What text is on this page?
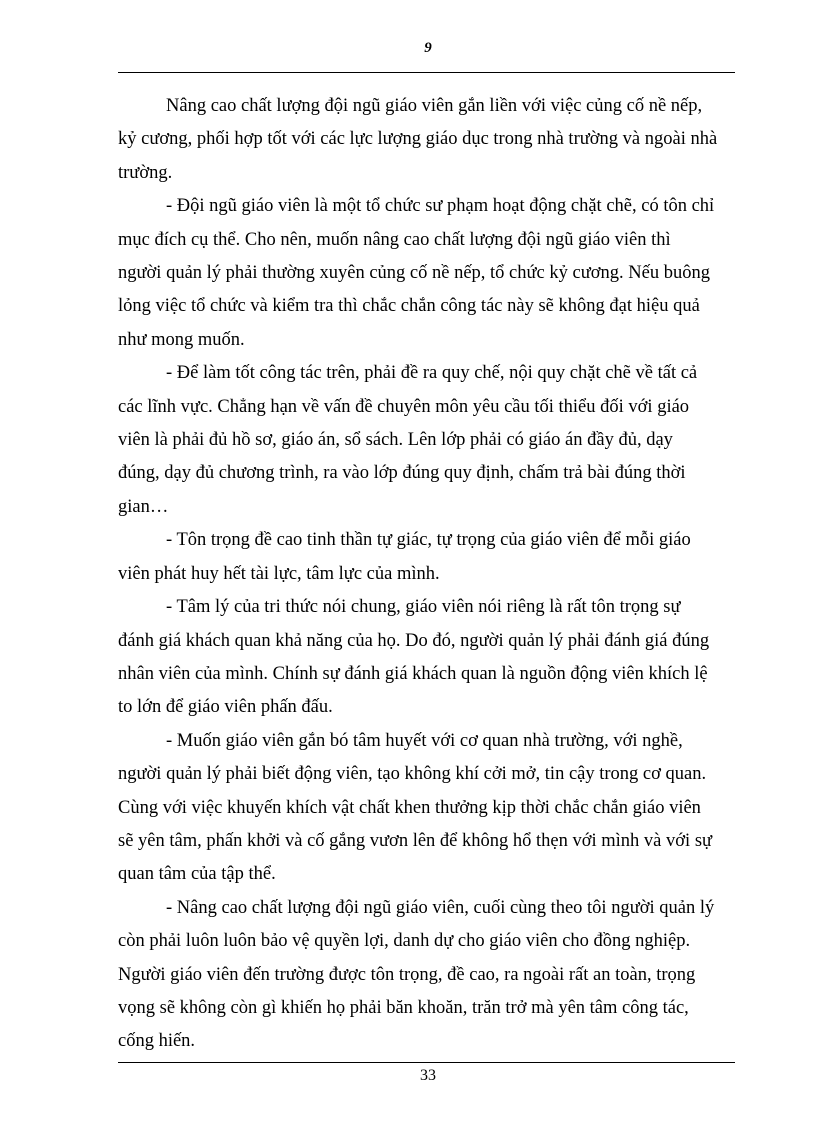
9

Nâng cao chất lượng đội ngũ giáo viên gắn liền với việc củng cố nề nếp,
kỷ cương, phối hợp tốt với các lực lượng giáo dục trong nhà trường và ngoài nhà
trường.

- Đội ngũ giáo viên là một tổ chức sư phạm hoạt động chặt chẽ, có tôn chỉ
mục đích cụ thể. Cho nên, muốn nâng cao chất lượng đội ngũ giáo viên thì
người quản lý phải thường xuyên củng cố nề nếp, tổ chức kỷ cương. Nếu buông
lỏng việc tổ chức và kiểm tra thì chắc chắn công tác này sẽ không đạt hiệu quả
như mong muốn.

- Để làm tốt công tác trên, phải đề ra quy chế, nội quy chặt chẽ về tất cả
các lĩnh vực. Chẳng hạn về vấn đề chuyên môn yêu cầu tối thiểu đối với giáo
viên là phải đủ hồ sơ, giáo án, sổ sách. Lên lớp phải có giáo án đầy đủ, dạy
đúng, dạy đủ chương trình, ra vào lớp đúng quy định, chấm trả bài đúng thời
gian…

- Tôn trọng đề cao tinh thần tự giác, tự trọng của giáo viên để mỗi giáo
viên phát huy hết tài lực, tâm lực của mình.

- Tâm lý của tri thức nói chung, giáo viên nói riêng là rất tôn trọng sự
đánh giá khách quan khả năng của họ. Do đó, người quản lý phải đánh giá đúng
nhân viên của mình. Chính sự đánh giá khách quan là nguồn động viên khích lệ
to lớn để giáo viên phấn đấu.

- Muốn giáo viên gắn bó tâm huyết với cơ quan nhà trường, với nghề,
người quản lý phải biết động viên, tạo không khí cởi mở, tin cậy trong cơ quan.
Cùng với việc khuyến khích vật chất khen thưởng kịp thời chắc chắn giáo viên
sẽ yên tâm, phấn khởi và cố gắng vươn lên để không hổ thẹn với mình và với sự
quan tâm của tập thể.

- Nâng cao chất lượng đội ngũ giáo viên, cuối cùng theo tôi người quản lý
còn phải luôn luôn bảo vệ quyền lợi, danh dự cho giáo viên cho đồng nghiệp.
Người giáo viên đến trường được tôn trọng, đề cao, ra ngoài rất an toàn, trọng
vọng sẽ không còn gì khiến họ phải băn khoăn, trăn trở mà yên tâm công tác,
cống hiến.

33
